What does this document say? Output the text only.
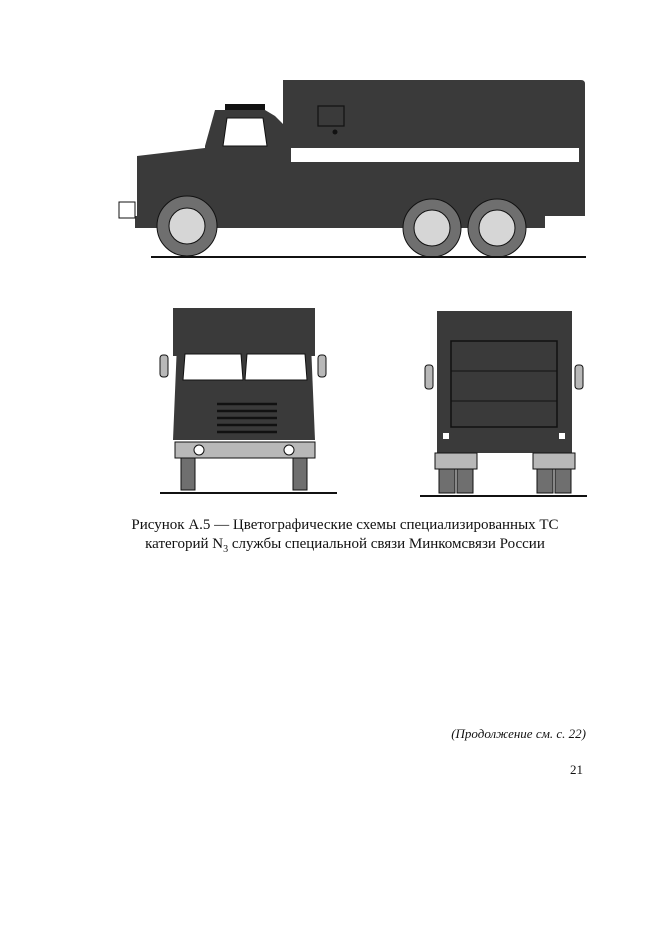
Рисунок А.5 — Цветографические схемы специализированных ТС
категорий $N_3$ службы специальной связи Минкомсвязи России
(Продолжение см. с. 22)
21
